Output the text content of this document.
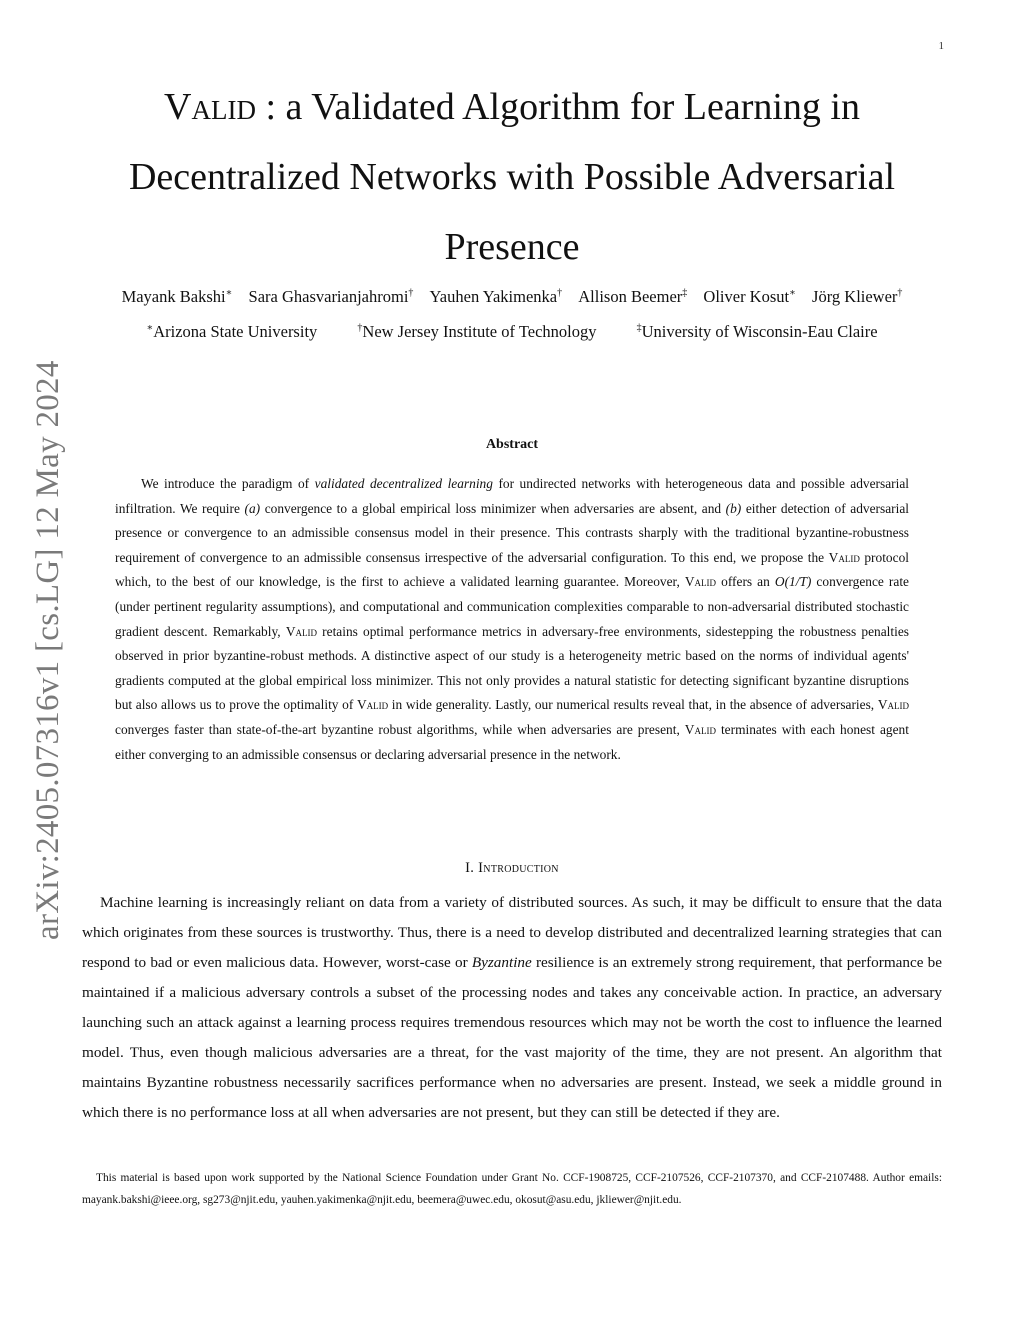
1
arXiv:2405.07316v1 [cs.LG] 12 May 2024
Valid : a Validated Algorithm for Learning in Decentralized Networks with Possible Adversarial Presence
Mayank Bakshi∗ Sara Ghasvarianjahromi† Yauhen Yakimenka† Allison Beemer‡ Oliver Kosut∗ Jörg Kliewer†
∗Arizona State University	†New Jersey Institute of Technology	‡University of Wisconsin-Eau Claire
Abstract

We introduce the paradigm of validated decentralized learning for undirected networks with heterogeneous data and possible adversarial infiltration. We require (a) convergence to a global empirical loss minimizer when adversaries are absent, and (b) either detection of adversarial presence or convergence to an admissible consensus model in their presence. This contrasts sharply with the traditional byzantine-robustness requirement of convergence to an admissible consensus irrespective of the adversarial configuration. To this end, we propose the Valid protocol which, to the best of our knowledge, is the first to achieve a validated learning guarantee. Moreover, Valid offers an O(1/T) convergence rate (under pertinent regularity assumptions), and computational and communication complexities comparable to non-adversarial distributed stochastic gradient descent. Remarkably, Valid retains optimal performance metrics in adversary-free environments, sidestepping the robustness penalties observed in prior byzantine-robust methods. A distinctive aspect of our study is a heterogeneity metric based on the norms of individual agents' gradients computed at the global empirical loss minimizer. This not only provides a natural statistic for detecting significant byzantine disruptions but also allows us to prove the optimality of Valid in wide generality. Lastly, our numerical results reveal that, in the absence of adversaries, Valid converges faster than state-of-the-art byzantine robust algorithms, while when adversaries are present, Valid terminates with each honest agent either converging to an admissible consensus or declaring adversarial presence in the network.

I. Introduction

Machine learning is increasingly reliant on data from a variety of distributed sources. As such, it may be difficult to ensure that the data which originates from these sources is trustworthy. Thus, there is a need to develop distributed and decentralized learning strategies that can respond to bad or even malicious data. However, worst-case or Byzantine resilience is an extremely strong requirement, that performance be maintained if a malicious adversary controls a subset of the processing nodes and takes any conceivable action. In practice, an adversary launching such an attack against a learning process requires tremendous resources which may not be worth the cost to influence the learned model. Thus, even though malicious adversaries are a threat, for the vast majority of the time, they are not present. An algorithm that maintains Byzantine robustness necessarily sacrifices performance when no adversaries are present. Instead, we seek a middle ground in which there is no performance loss at all when adversaries are not present, but they can still be detected if they are.

This material is based upon work supported by the National Science Foundation under Grant No. CCF-1908725, CCF-2107526, CCF-2107370, and CCF-2107488. Author emails: mayank.bakshi@ieee.org, sg273@njit.edu, yauhen.yakimenka@njit.edu, beemera@uwec.edu, okosut@asu.edu, jkliewer@njit.edu.
